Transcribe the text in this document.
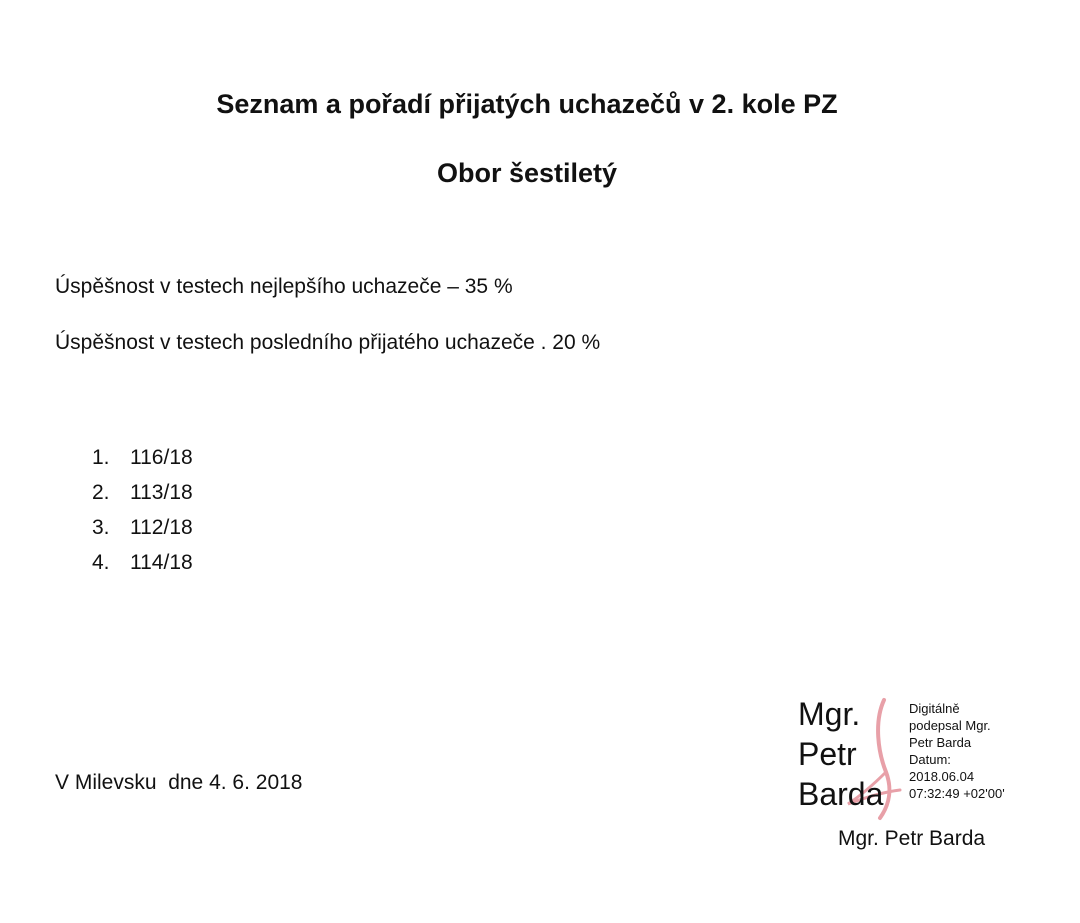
Seznam a pořadí přijatých uchazečů v 2. kole PZ
Obor šestiletý

Úspěšnost v testech nejlepšího uchazeče – 35 %

Úspěšnost v testech posledního přijatého uchazeče . 20 %

1. 116/18
2. 113/18
3. 112/18
4. 114/18

V Milevsku  dne 4. 6. 2018

Mgr.
Petr
Barda

Digitálně
podepsal Mgr.
Petr Barda
Datum:
2018.06.04
07:32:49 +02'00'

Mgr. Petr Barda
